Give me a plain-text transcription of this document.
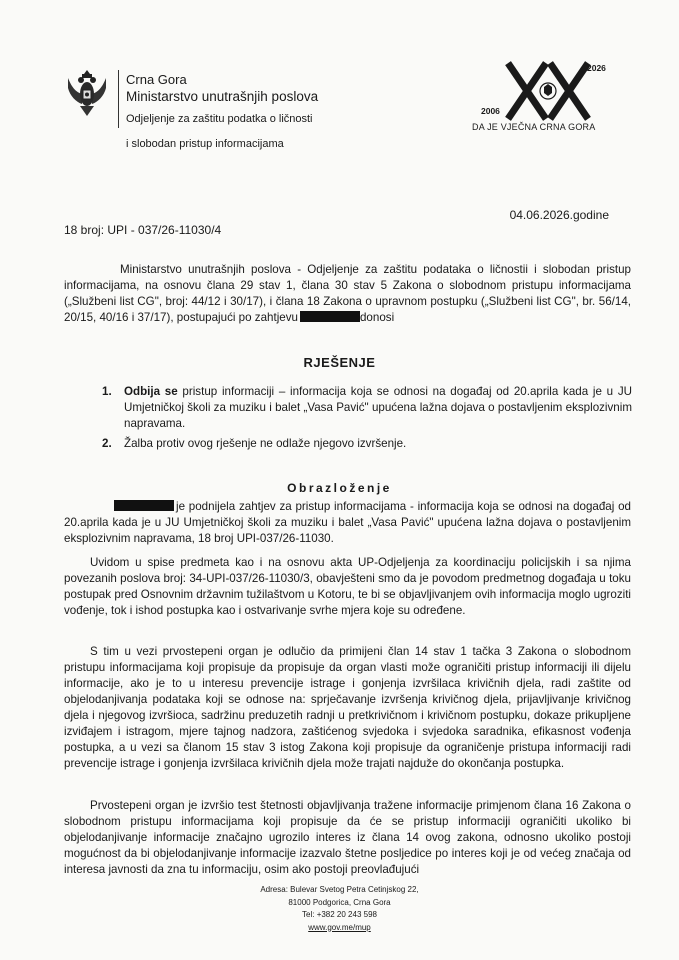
Crna Gora
Ministarstvo unutrašnjih poslova
Odjeljenje za zaštitu podatka o ličnosti
i slobodan pristup informacijama
2026
2006
DA JE VJEČNA CRNA GORA
18 broj: UPI - 037/26-11030/4
04.06.2026.godine
Ministarstvo unutrašnjih poslova - Odjeljenje za zaštitu podataka o ličnostii i slobodan pristup informacijama, na osnovu člana 29 stav 1, člana 30 stav 5 Zakona o slobodnom pristupu informacijama („Službeni list CG", broj: 44/12 i 30/17), i člana 18 Zakona o upravnom postupku („Službeni list CG", br. 56/14, 20/15, 40/16 i 37/17), postupajući po zahtjevu	donosi
RJEŠENJE
1. Odbija se pristup informaciji – informacija koja se odnosi na događaj od 20.aprila kada je u JU Umjetničkoj školi za muziku i balet „Vasa Pavić" upućena lažna dojava o postavljenim eksplozivnim napravama.
2. Žalba protiv ovog rješenje ne odlaže njegovo izvršenje.
Obrazloženje
je podnijela zahtjev za pristup informacijama - informacija koja se odnosi na događaj od 20.aprila kada je u JU Umjetničkoj školi za muziku i balet „Vasa Pavić" upućena lažna dojava o postavljenim eksplozivnim napravama, 18 broj UPI-037/26-11030.
Uvidom u spise predmeta kao i na osnovu akta UP-Odjeljenja za koordinaciju policijskih i sa njima povezanih poslova broj: 34-UPI-037/26-11030/3, obavješteni smo da je povodom predmetnog događaja u toku postupak pred Osnovnim državnim tužilaštvom u Kotoru, te bi se objavljivanjem ovih informacija moglo ugroziti vođenje, tok i ishod postupka kao i ostvarivanje svrhe mjera koje su određene.
S tim u vezi prvostepeni organ je odlučio da primijeni član 14 stav 1 tačka 3 Zakona o slobodnom pristupu informacijama koji propisuje da propisuje da organ vlasti može ograničiti pristup informaciji ili dijelu informacije, ako je to u interesu prevencije istrage i gonjenja izvršilaca krivičnih djela, radi zaštite od objelodanjivanja podataka koji se odnose na: sprječavanje izvršenja krivičnog djela, prijavljivanje krivičnog djela i njegovog izvršioca, sadržinu preduzetih radnji u pretkrivičnom i krivičnom postupku, dokaze prikupljene izviđajem i istragom, mjere tajnog nadzora, zaštićenog svjedoka i svjedoka saradnika, efikasnost vođenja postupka, a u vezi sa članom 15 stav 3 istog Zakona koji propisuje da ograničenje pristupa informaciji radi prevencije istrage i gonjenja izvršilaca krivičnih djela može trajati najduže do okončanja postupka.
Prvostepeni organ je izvršio test štetnosti objavljivanja tražene informacije primjenom člana 16 Zakona o slobodnom pristupu informacijama koji propisuje da će se pristup informaciji ograničiti ukoliko bi objelodanjivanje informacije značajno ugrozilo interes iz člana 14 ovog zakona, odnosno ukoliko postoji mogućnost da bi objelodanjivanje informacije izazvalo štetne posljedice po interes koji je od većeg značaja od interesa javnosti da zna tu informaciju, osim ako postoji preovlađujući
Adresa: Bulevar Svetog Petra Cetinjskog 22,
81000 Podgorica, Crna Gora
Tel: +382 20 243 598
www.gov.me/mup
